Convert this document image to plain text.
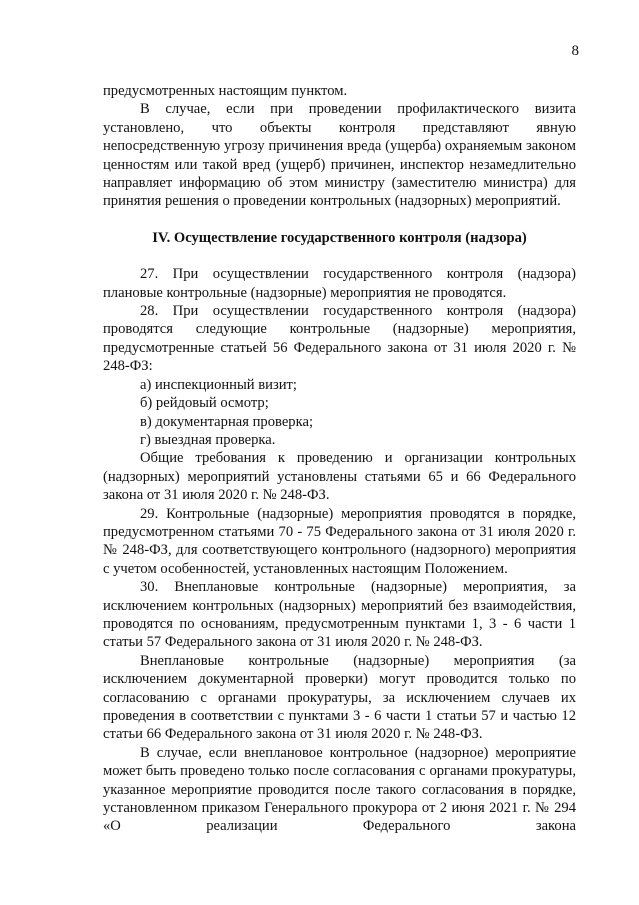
8

предусмотренных настоящим пунктом.

В случае, если при проведении профилактического визита установлено, что объекты контроля представляют явную непосредственную угрозу причинения вреда (ущерба) охраняемым законом ценностям или такой вред (ущерб) причинен, инспектор незамедлительно направляет информацию об этом министру (заместителю министра) для принятия решения о проведении контрольных (надзорных) мероприятий.

IV. Осуществление государственного контроля (надзора)

27. При осуществлении государственного контроля (надзора) плановые контрольные (надзорные) мероприятия не проводятся.

28. При осуществлении государственного контроля (надзора) проводятся следующие контрольные (надзорные) мероприятия, предусмотренные статьей 56 Федерального закона от 31 июля 2020 г. № 248-ФЗ:

а) инспекционный визит;

б) рейдовый осмотр;

в) документарная проверка;

г) выездная проверка.

Общие требования к проведению и организации контрольных (надзорных) мероприятий установлены статьями 65 и 66 Федерального закона от 31 июля 2020 г. № 248-ФЗ.

29. Контрольные (надзорные) мероприятия проводятся в порядке, предусмотренном статьями 70 - 75 Федерального закона от 31 июля 2020 г. № 248-ФЗ, для соответствующего контрольного (надзорного) мероприятия с учетом особенностей, установленных настоящим Положением.

30. Внеплановые контрольные (надзорные) мероприятия, за исключением контрольных (надзорных) мероприятий без взаимодействия, проводятся по основаниям, предусмотренным пунктами 1, 3 - 6 части 1 статьи 57 Федерального закона от 31 июля 2020 г. № 248-ФЗ.

Внеплановые контрольные (надзорные) мероприятия (за исключением документарной проверки) могут проводится только по согласованию с органами прокуратуры, за исключением случаев их проведения в соответствии с пунктами 3 - 6 части 1 статьи 57 и частью 12 статьи 66 Федерального закона от 31 июля 2020 г. № 248-ФЗ.

В случае, если внеплановое контрольное (надзорное) мероприятие может быть проведено только после согласования с органами прокуратуры, указанное мероприятие проводится после такого согласования в порядке, установленном приказом Генерального прокурора от 2 июня 2021 г. № 294 «О реализации Федерального закона
